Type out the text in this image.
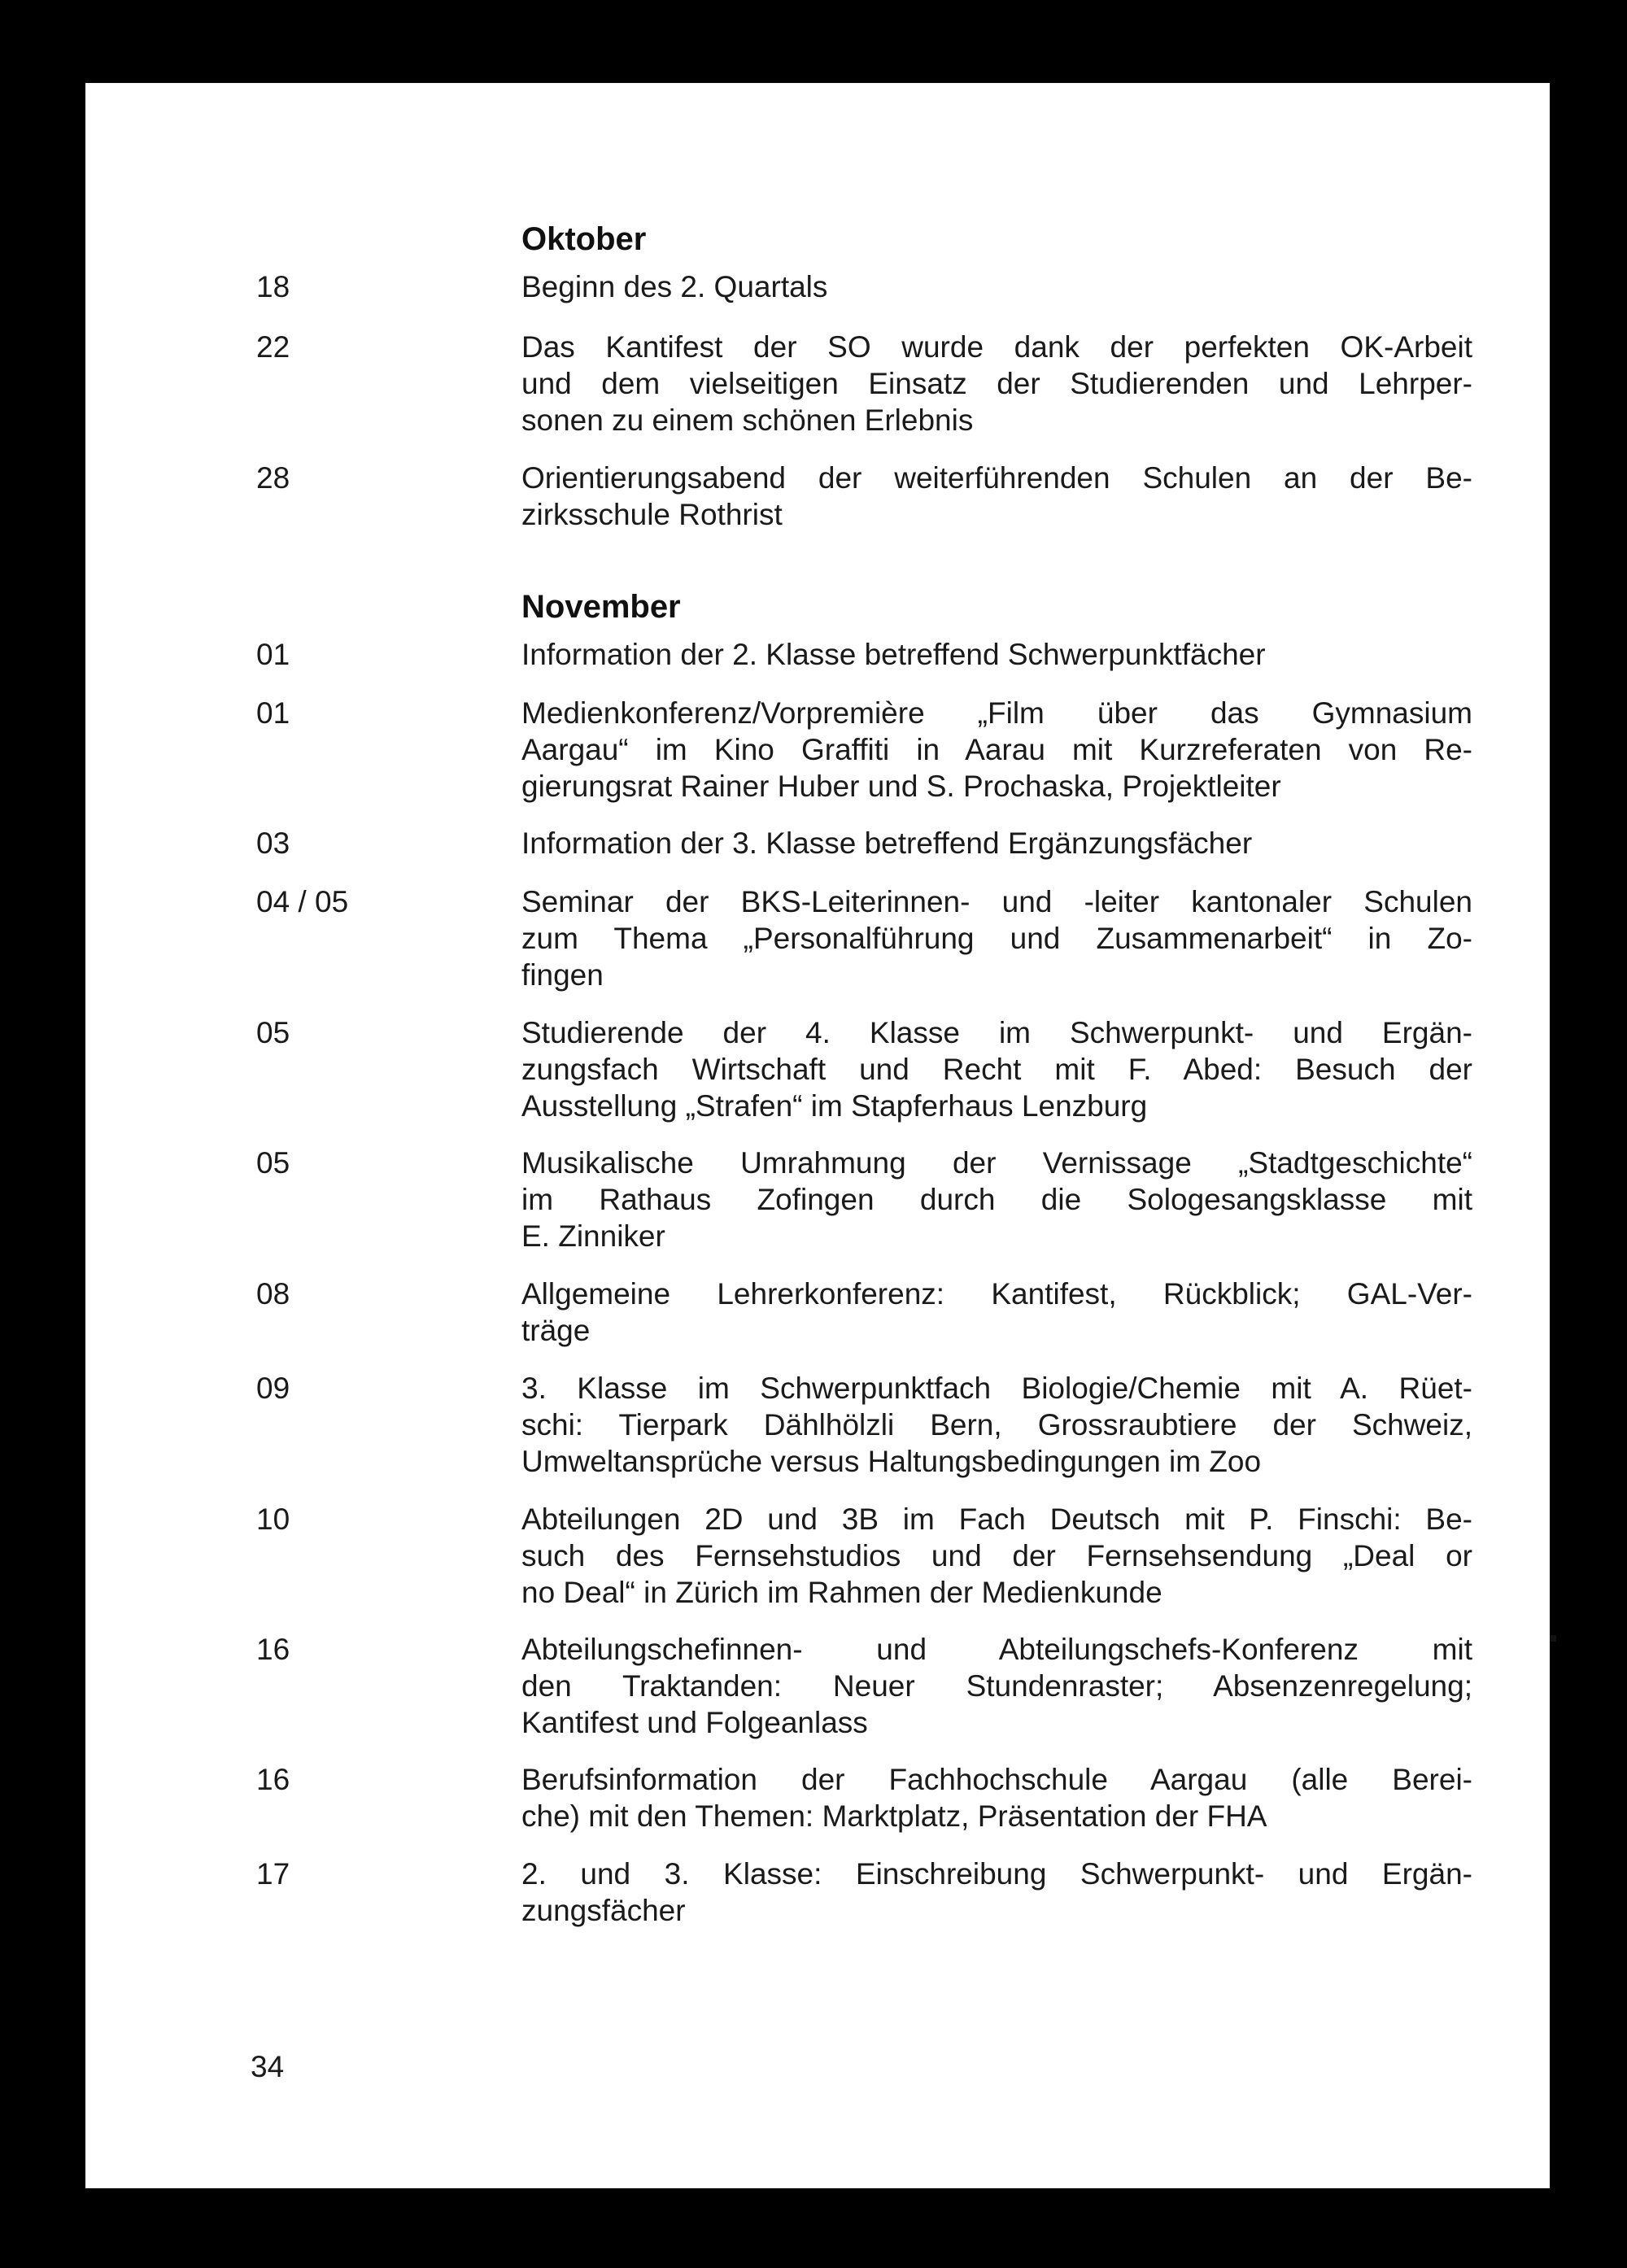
Oktober
18	Beginn des 2. Quartals
22	Das Kantifest der SO wurde dank der perfekten OK-Arbeit
und dem vielseitigen Einsatz der Studierenden und Lehrper-
sonen zu einem schönen Erlebnis
28	Orientierungsabend der weiterführenden Schulen an der Be-
zirksschule Rothrist
November
01	Information der 2. Klasse betreffend Schwerpunktfächer
01	Medienkonferenz/Vorpremière „Film über das Gymnasium
Aargau“ im Kino Graffiti in Aarau mit Kurzreferaten von Re-
gierungsrat Rainer Huber und S. Prochaska, Projektleiter
03	Information der 3. Klasse betreffend Ergänzungsfächer
04 / 05	Seminar der BKS-Leiterinnen- und -leiter kantonaler Schulen
zum Thema „Personalführung und Zusammenarbeit“ in Zo-
fingen
05	Studierende der 4. Klasse im Schwerpunkt- und Ergän-
zungsfach Wirtschaft und Recht mit F. Abed: Besuch der
Ausstellung „Strafen“ im Stapferhaus Lenzburg
05	Musikalische Umrahmung der Vernissage „Stadtgeschichte“
im Rathaus Zofingen durch die Sologesangsklasse mit
E. Zinniker
08	Allgemeine Lehrerkonferenz: Kantifest, Rückblick; GAL-Ver-
träge
09	3. Klasse im Schwerpunktfach Biologie/Chemie mit A. Rüet-
schi: Tierpark Dählhölzli Bern, Grossraubtiere der Schweiz,
Umweltansprüche versus Haltungsbedingungen im Zoo
10	Abteilungen 2D und 3B im Fach Deutsch mit P. Finschi: Be-
such des Fernsehstudios und der Fernsehsendung „Deal or
no Deal“ in Zürich im Rahmen der Medienkunde
16	Abteilungschefinnen- und Abteilungschefs-Konferenz mit
den Traktanden: Neuer Stundenraster; Absenzenregelung;
Kantifest und Folgeanlass
16	Berufsinformation der Fachhochschule Aargau (alle Berei-
che) mit den Themen: Marktplatz, Präsentation der FHA
17	2. und 3. Klasse: Einschreibung Schwerpunkt- und Ergän-
zungsfächer
34
